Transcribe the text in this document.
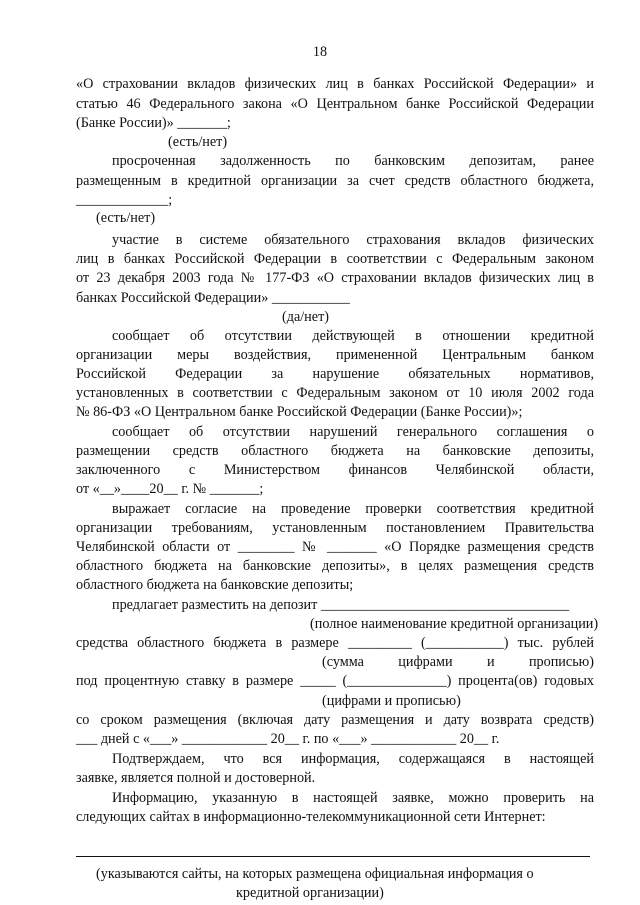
18

«О страховании вкладов физических лиц в банках Российской Федерации» и

статью 46 Федерального закона «О Центральном банке Российской Федерации

(Банке России)» _______;

(есть/нет)

просроченная задолженность по банковским депозитам, ранее

размещенным в кредитной организации за счет средств областного бюджета,

_____________;

(есть/нет)

участие в системе обязательного страхования вкладов физических

лиц в банках Российской Федерации в соответствии с Федеральным законом

от 23 декабря 2003 года № 177-ФЗ «О страховании вкладов физических лиц в

банках Российской Федерации» ___________

(да/нет)

сообщает об отсутствии действующей в отношении кредитной

организации меры воздействия, примененной Центральным банком

Российской Федерации за нарушение обязательных нормативов,

установленных в соответствии с Федеральным законом от 10 июля 2002 года

№ 86-ФЗ «О Центральном банке Российской Федерации (Банке России)»;

сообщает об отсутствии нарушений генерального соглашения о

размещении средств областного бюджета на банковские депозиты,

заключенного с Министерством финансов Челябинской области,

от «__»____20__ г. № _______;

выражает согласие на проведение проверки соответствия кредитной

организации требованиям, установленным постановлением Правительства

Челябинской области от ________ № _______ «О Порядке размещения средств

областного бюджета на банковские депозиты», в целях размещения средств

областного бюджета на банковские депозиты;

предлагает разместить на депозит ___________________________________

(полное наименование кредитной организации)

средства областного бюджета в размере _________ (___________) тыс. рублей

(сумма цифрами и прописью)

под процентную ставку в размере _____ (______________) процента(ов) годовых

(цифрами и прописью)

со сроком размещения (включая дату размещения и дату возврата средств)

___ дней с «___» ____________ 20__ г. по «___» ____________ 20__ г.

Подтверждаем, что вся информация, содержащаяся в настоящей

заявке, является полной и достоверной.

Информацию, указанную в настоящей заявке, можно проверить на

следующих сайтах в информационно-телекоммуникационной сети Интернет:

(указываются сайты, на которых размещена официальная информация о

кредитной организации)
